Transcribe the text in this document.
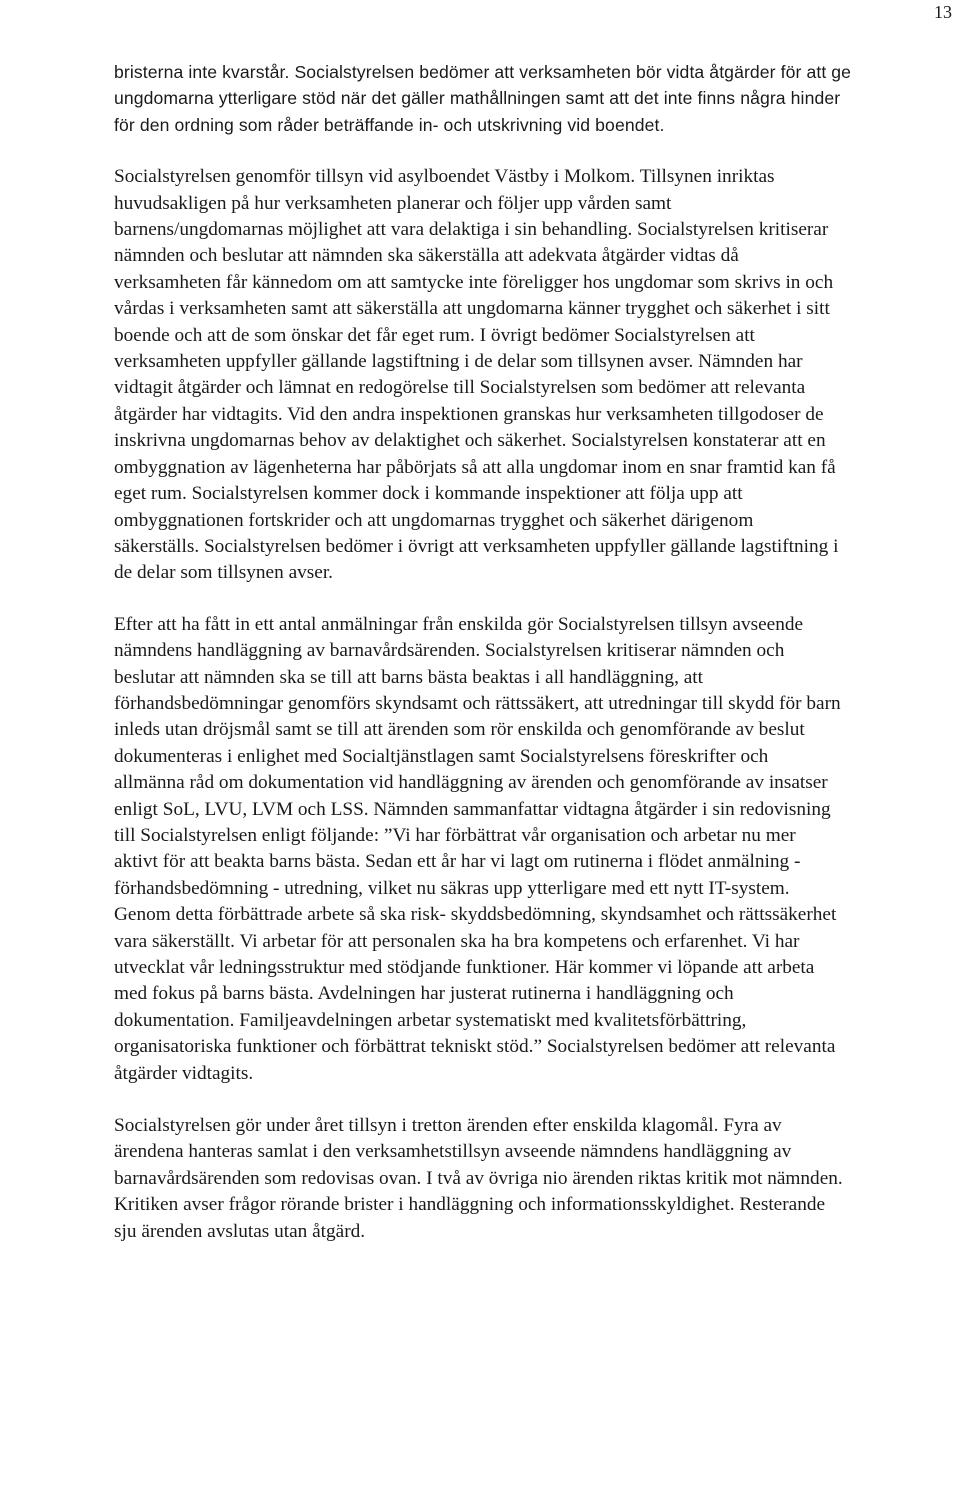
13

bristerna inte kvarstår. Socialstyrelsen bedömer att verksamheten bör vidta åtgärder för att ge
ungdomarna ytterligare stöd när det gäller mathållningen samt att det inte finns några hinder
för den ordning som råder beträffande in- och utskrivning vid boendet.

Socialstyrelsen genomför tillsyn vid asylboendet Västby i Molkom. Tillsynen inriktas
huvudsakligen på hur verksamheten planerar och följer upp vården samt
barnens/ungdomarnas möjlighet att vara delaktiga i sin behandling. Socialstyrelsen kritiserar
nämnden och beslutar att nämnden ska säkerställa att adekvata åtgärder vidtas då
verksamheten får kännedom om att samtycke inte föreligger hos ungdomar som skrivs in och
vårdas i verksamheten samt att säkerställa att ungdomarna känner trygghet och säkerhet i sitt
boende och att de som önskar det får eget rum. I övrigt bedömer Socialstyrelsen att
verksamheten uppfyller gällande lagstiftning i de delar som tillsynen avser. Nämnden har
vidtagit åtgärder och lämnat en redogörelse till Socialstyrelsen som bedömer att relevanta
åtgärder har vidtagits. Vid den andra inspektionen granskas hur verksamheten tillgodoser de
inskrivna ungdomarnas behov av delaktighet och säkerhet. Socialstyrelsen konstaterar att en
ombyggnation av lägenheterna har påbörjats så att alla ungdomar inom en snar framtid kan få
eget rum. Socialstyrelsen kommer dock i kommande inspektioner att följa upp att
ombyggnationen fortskrider och att ungdomarnas trygghet och säkerhet därigenom
säkerställs. Socialstyrelsen bedömer i övrigt att verksamheten uppfyller gällande lagstiftning i
de delar som tillsynen avser.

Efter att ha fått in ett antal anmälningar från enskilda gör Socialstyrelsen tillsyn avseende
nämndens handläggning av barnavårdsärenden. Socialstyrelsen kritiserar nämnden och
beslutar att nämnden ska se till att barns bästa beaktas i all handläggning, att
förhandsbedömningar genomförs skyndsamt och rättssäkert, att utredningar till skydd för barn
inleds utan dröjsmål samt se till att ärenden som rör enskilda och genomförande av beslut
dokumenteras i enlighet med Socialtjänstlagen samt Socialstyrelsens föreskrifter och
allmänna råd om dokumentation vid handläggning av ärenden och genomförande av insatser
enligt SoL, LVU, LVM och LSS. Nämnden sammanfattar vidtagna åtgärder i sin redovisning
till Socialstyrelsen enligt följande: ”Vi har förbättrat vår organisation och arbetar nu mer
aktivt för att beakta barns bästa. Sedan ett år har vi lagt om rutinerna i flödet anmälning -
förhandsbedömning - utredning, vilket nu säkras upp ytterligare med ett nytt IT-system.
Genom detta förbättrade arbete så ska risk- skyddsbedömning, skyndsamhet och rättssäkerhet
vara säkerställt. Vi arbetar för att personalen ska ha bra kompetens och erfarenhet. Vi har
utvecklat vår ledningsstruktur med stödjande funktioner. Här kommer vi löpande att arbeta
med fokus på barns bästa. Avdelningen har justerat rutinerna i handläggning och
dokumentation. Familjeavdelningen arbetar systematiskt med kvalitetsförbättring,
organisatoriska funktioner och förbättrat tekniskt stöd.” Socialstyrelsen bedömer att relevanta
åtgärder vidtagits.

Socialstyrelsen gör under året tillsyn i tretton ärenden efter enskilda klagomål. Fyra av
ärendena hanteras samlat i den verksamhetstillsyn avseende nämndens handläggning av
barnavårdsärenden som redovisas ovan. I två av övriga nio ärenden riktas kritik mot nämnden.
Kritiken avser frågor rörande brister i handläggning och informationsskyldighet. Resterande
sju ärenden avslutas utan åtgärd.
